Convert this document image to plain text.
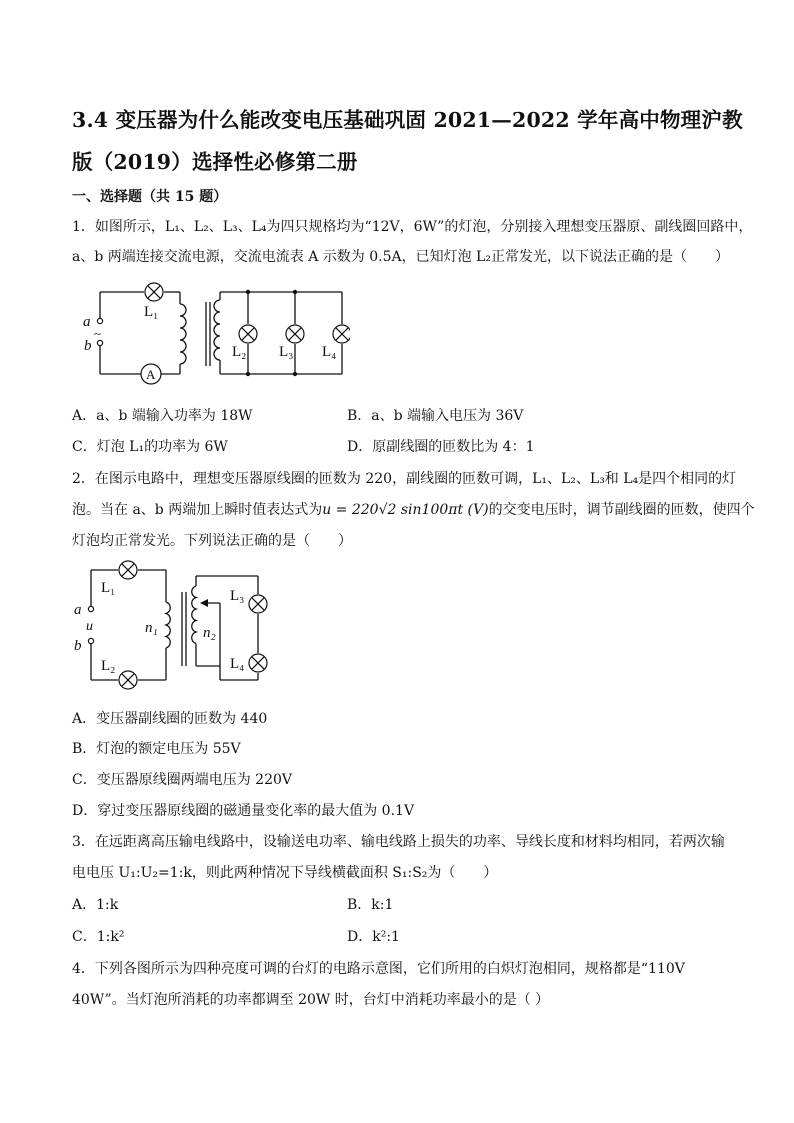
3.4 变压器为什么能改变电压基础巩固 2021—2022 学年高中物理沪教
版（2019）选择性必修第二册
一、选择题（共 15 题）
1．如图所示，L₁、L₂、L₃、L₄为四只规格均为“12V，6W”的灯泡，分别接入理想变压器原、副线圈回路中，
a、b 两端连接交流电源，交流电流表 A 示数为 0.5A，已知灯泡 L₂正常发光，以下说法正确的是（　　）
a
b
~
L₁
L₂ L₃ L₄
A
A．a、b 端输入功率为 18W	B．a、b 端输入电压为 36V
C．灯泡 L₁的功率为 6W	D．原副线圈的匝数比为 4：1
2．在图示电路中，理想变压器原线圈的匝数为 220，副线圈的匝数可调，L₁、L₂、L₃和 L₄是四个相同的灯
泡。当在 a、b 两端加上瞬时值表达式为u = 220√2 sin100πt (V)的交变电压时，调节副线圈的匝数，使四个
灯泡均正常发光。下列说法正确的是（　　）
a
u
b
L₁
L₂
n₁	n₂
L₃
L₄
A．变压器副线圈的匝数为 440
B．灯泡的额定电压为 55V
C．变压器原线圈两端电压为 220V
D．穿过变压器原线圈的磁通量变化率的最大值为 0.1V
3．在远距离高压输电线路中，设输送电功率、输电线路上损失的功率、导线长度和材料均相同，若两次输
电电压 U₁:U₂=1:k，则此两种情况下导线横截面积 S₁:S₂为（　　）
A．1:k	B．k:1
C．1:k²	D．k²:1
4．下列各图所示为四种亮度可调的台灯的电路示意图，它们所用的白炽灯泡相同，规格都是“110V
40W”。当灯泡所消耗的功率都调至 20W 时，台灯中消耗功率最小的是（ ）
